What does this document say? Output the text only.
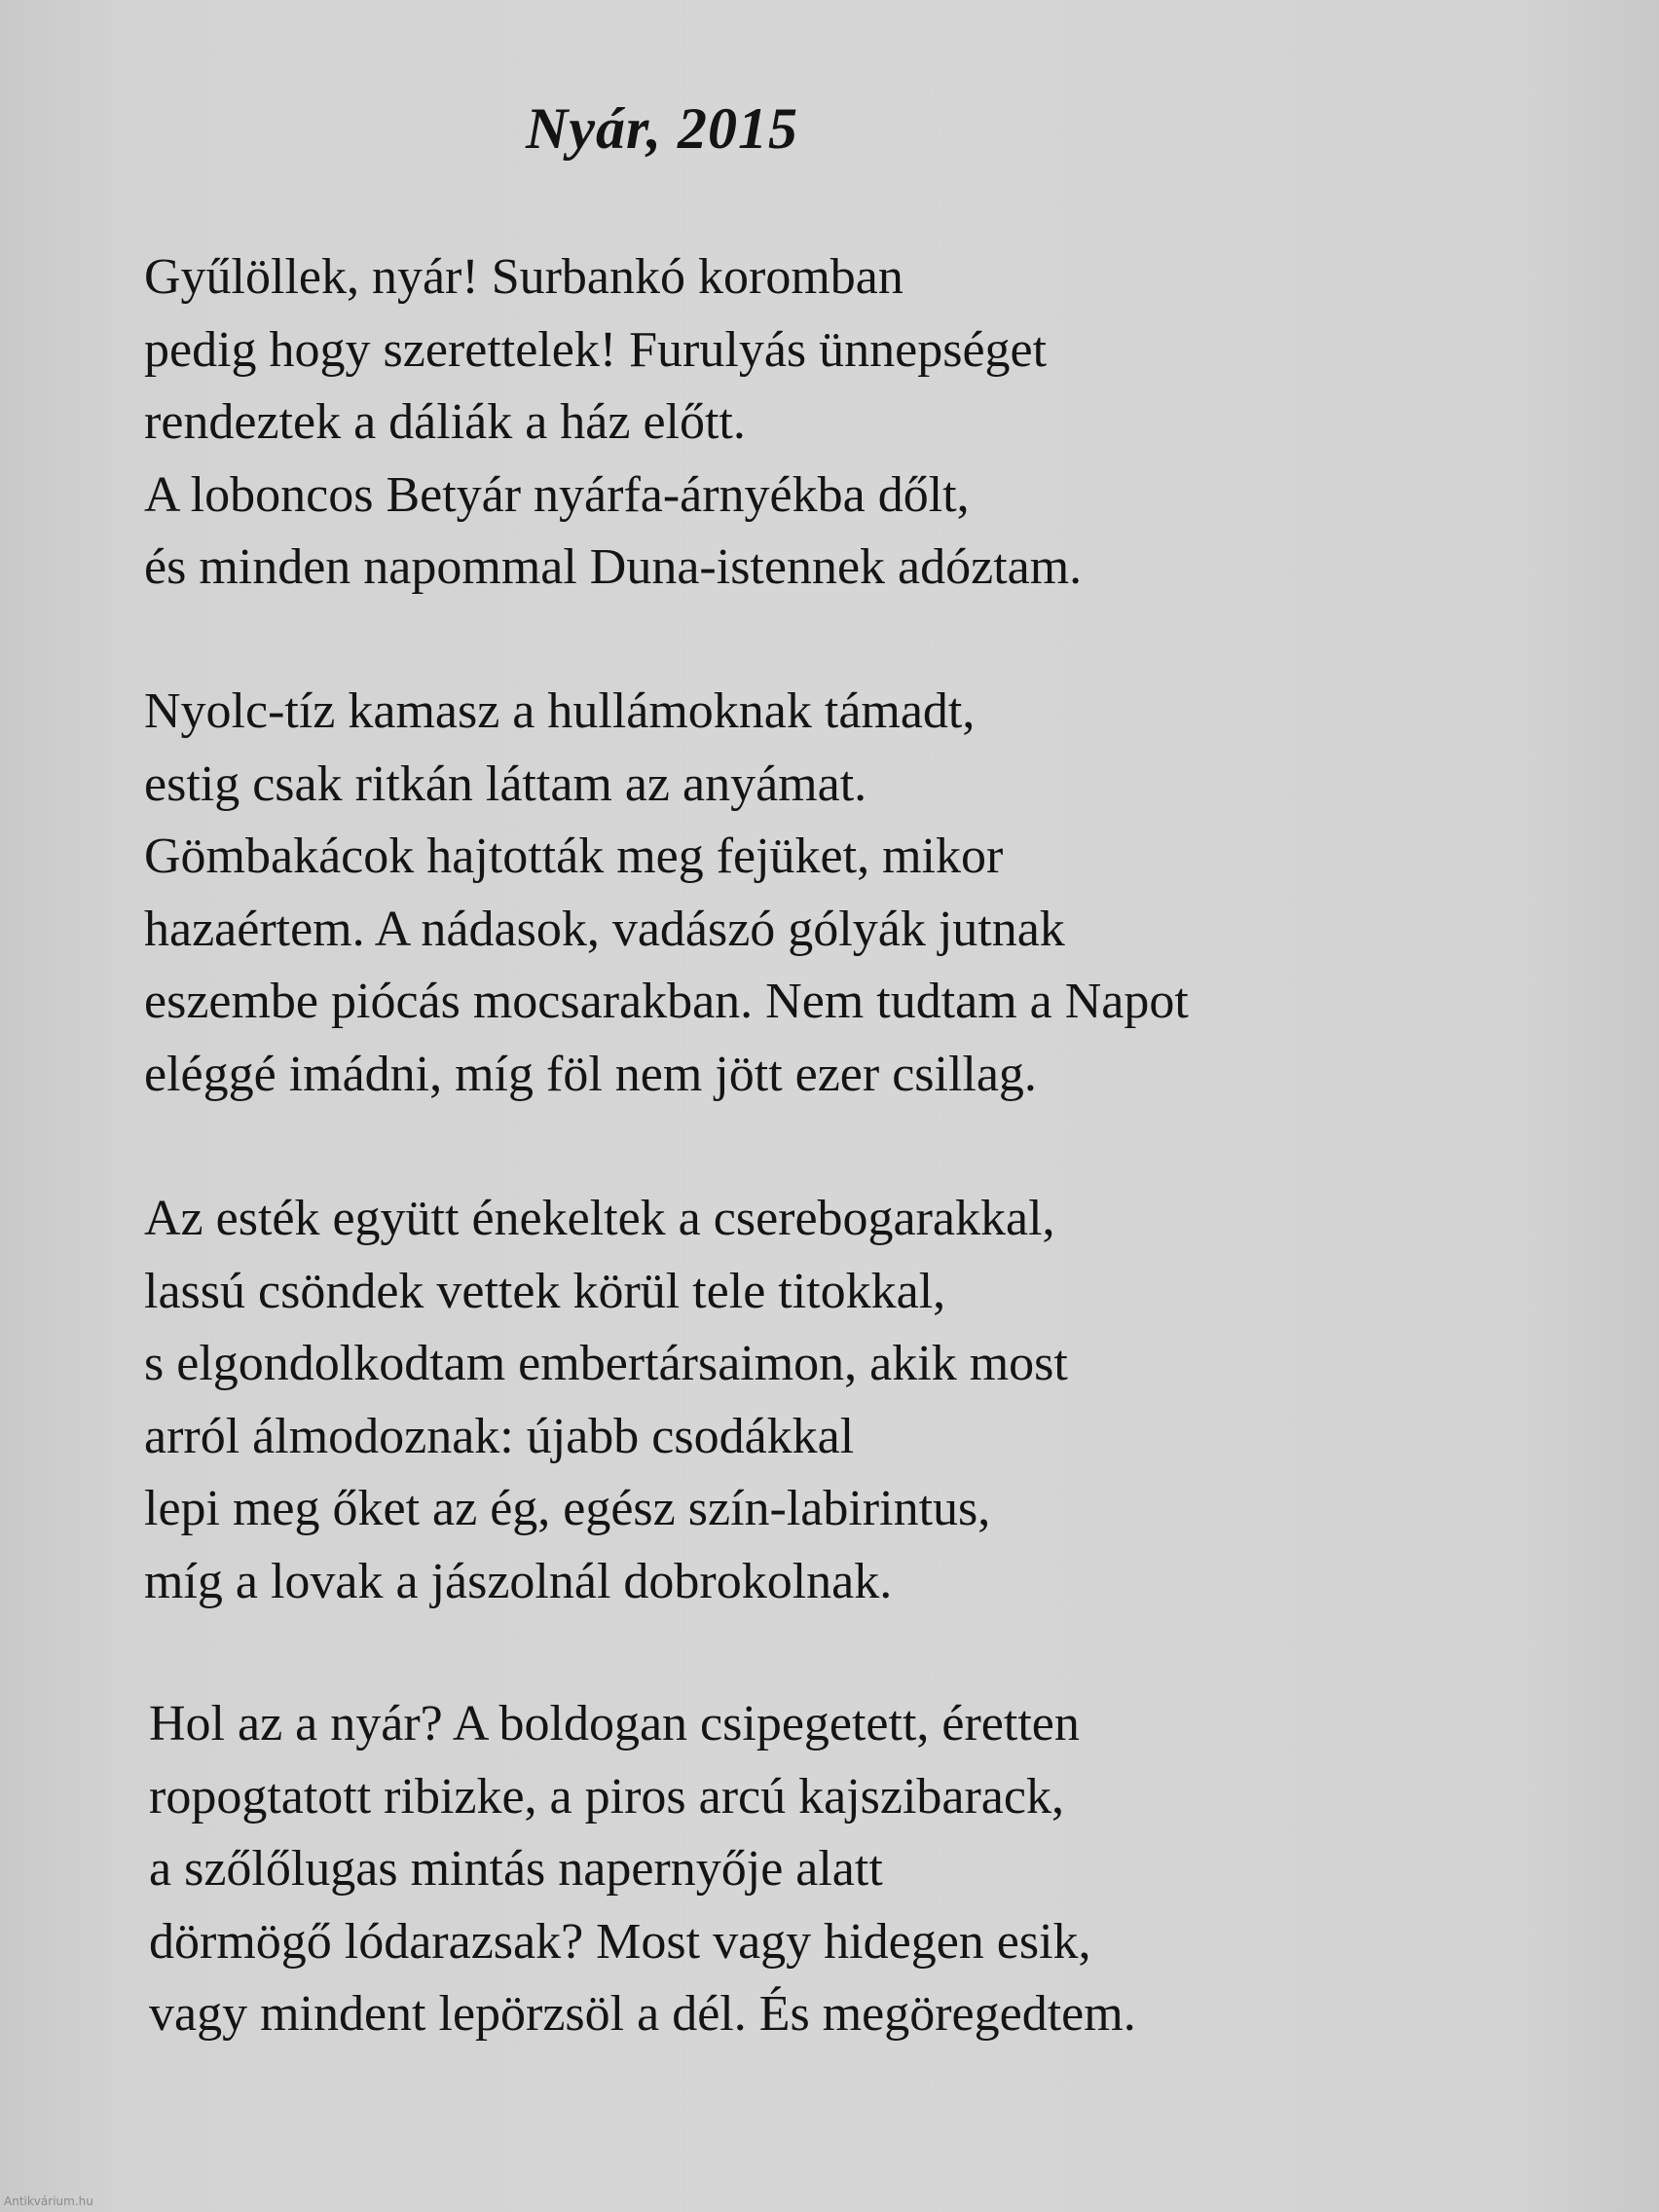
Nyár, 2015
Gyűlöllek, nyár! Surbankó koromban
pedig hogy szerettelek! Furulyás ünnepséget
rendeztek a dáliák a ház előtt.
A loboncos Betyár nyárfa-árnyékba dőlt,
és minden napommal Duna-istennek adóztam.
Nyolc-tíz kamasz a hullámoknak támadt,
estig csak ritkán láttam az anyámat.
Gömbakácok hajtották meg fejüket, mikor
hazaértem. A nádasok, vadászó gólyák jutnak
eszembe piócás mocsarakban. Nem tudtam a Napot
eléggé imádni, míg föl nem jött ezer csillag.
Az esték együtt énekeltek a cserebogarakkal,
lassú csöndek vettek körül tele titokkal,
s elgondolkodtam embertársaimon, akik most
arról álmodoznak: újabb csodákkal
lepi meg őket az ég, egész szín-labirintus,
míg a lovak a jászolnál dobrokolnak.
Hol az a nyár? A boldogan csipegetett, éretten
ropogtatott ribizke, a piros arcú kajszibarack,
a szőlőlugas mintás napernyője alatt
dörmögő lódarazsak? Most vagy hidegen esik,
vagy mindent lepörzsöl a dél. És megöregedtem.
Antikvárium.hu
